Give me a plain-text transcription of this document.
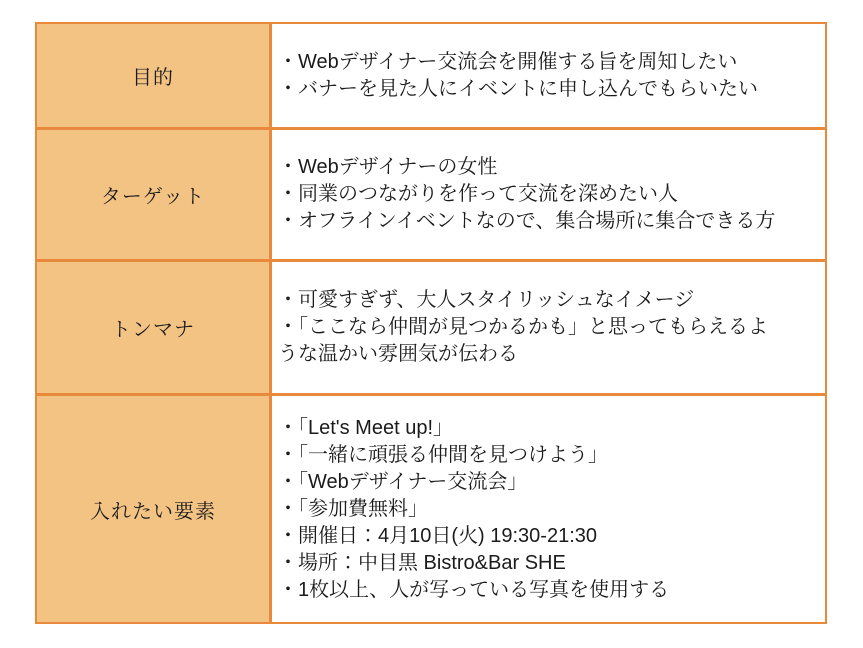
目的
・Webデザイナー交流会を開催する旨を周知したい
・バナーを見た人にイベントに申し込んでもらいたい
ターゲット
・Webデザイナーの女性
・同業のつながりを作って交流を深めたい人
・オフラインイベントなので、集合場所に集合できる方
トンマナ
・可愛すぎず、大人スタイリッシュなイメージ
・「ここなら仲間が見つかるかも」と思ってもらえるような温かい雰囲気が伝わる
入れたい要素
・「Let's Meet up!」
・「一緒に頑張る仲間を見つけよう」
・「Webデザイナー交流会」
・「参加費無料」
・開催日：4月10日(火) 19:30-21:30
・場所：中目黒 Bistro&Bar SHE
・1枚以上、人が写っている写真を使用する
